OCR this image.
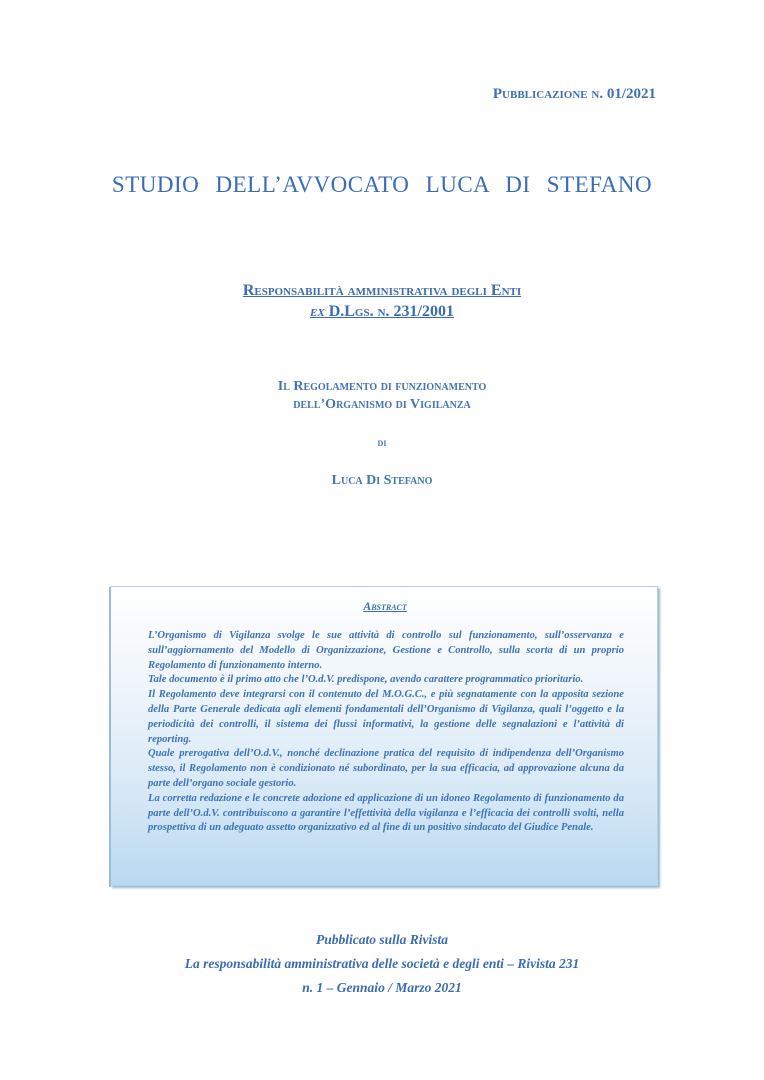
Pubblicazione n. 01/2021
STUDIO DELL’AVVOCATO LUCA DI STEFANO
Responsabilità amministrativa degli Enti
ex D.Lgs. n. 231/2001
Il Regolamento di funzionamento
dell’Organismo di Vigilanza
di
Luca Di Stefano
Abstract

L’Organismo di Vigilanza svolge le sue attività di controllo sul funzionamento, sull’osservanza e sull’aggiornamento del Modello di Organizzazione, Gestione e Controllo, sulla scorta di un proprio Regolamento di funzionamento interno.

Tale documento è il primo atto che l’O.d.V. predispone, avendo carattere programmatico prioritario.

Il Regolamento deve integrarsi con il contenuto del M.O.G.C., e più segnatamente con la apposita sezione della Parte Generale dedicata agli elementi fondamentali dell’Organismo di Vigilanza, quali l’oggetto e la periodicità dei controlli, il sistema dei flussi informativi, la gestione delle segnalazioni e l’attività di reporting.

Quale prerogativa dell’O.d.V., nonché declinazione pratica del requisito di indipendenza dell’Organismo stesso, il Regolamento non è condizionato né subordinato, per la sua efficacia, ad approvazione alcuna da parte dell’organo sociale gestorio.

La corretta redazione e le concrete adozione ed applicazione di un idoneo Regolamento di funzionamento da parte dell’O.d.V. contribuiscono a garantire l’effettività della vigilanza e l’efficacia dei controlli svolti, nella prospettiva di un adeguato assetto organizzativo ed al fine di un positivo sindacato del Giudice Penale.

Pubblicato sulla Rivista
La responsabilità amministrativa delle società e degli enti – Rivista 231
n. 1 – Gennaio / Marzo 2021
